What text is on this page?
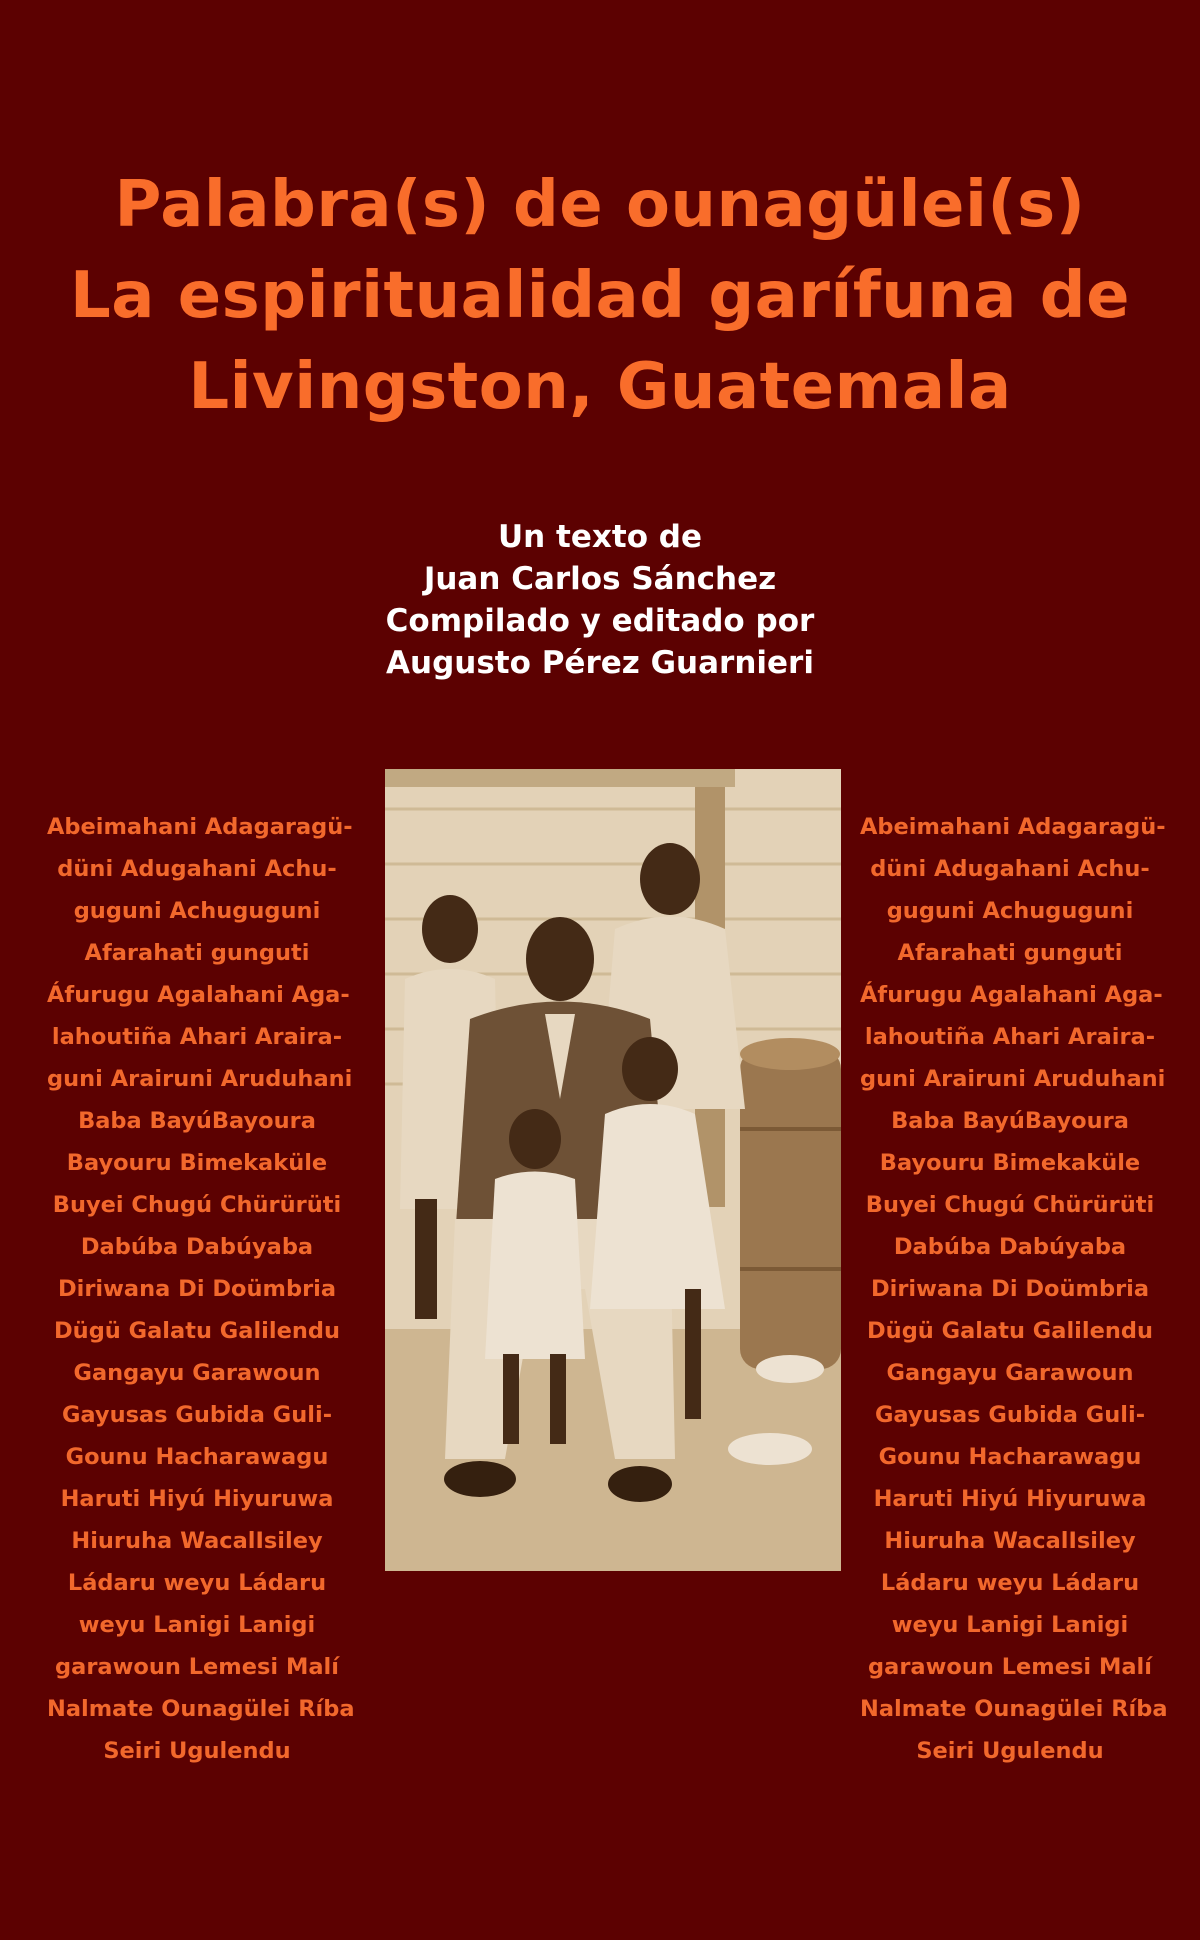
Palabra(s) de ounagülei(s)
La espiritualidad garífuna de
Livingston, Guatemala
Un texto de
Juan Carlos Sánchez
Compilado y editado por
Augusto Pérez Guarnieri
Abeimahani Adagaragü-
düni Adugahani Achu-
guguni Achuguguni
Afarahati gunguti
Áfurugu Agalahani Aga-
lahoutiña Ahari Araira-
guni Arairuni Aruduhani
Baba BayúBayoura
Bayouru Bimekaküle
Buyei Chugú Chürürüti
Dabúba Dabúyaba
Diriwana Di Doümbria
Dügü Galatu Galilendu
Gangayu Garawoun
Gayusas Gubida Guli-
Gounu Hacharawagu
Haruti Hiyú Hiyuruwa
Hiuruha WacalIsiley
Ládaru weyu Ládaru
weyu Lanigi Lanigi
garawoun Lemesi Malí
Nalmate Ounagülei Ríba
Seiri Ugulendu
Abeimahani Adagaragü-
düni Adugahani Achu-
guguni Achuguguni
Afarahati gunguti
Áfurugu Agalahani Aga-
lahoutiña Ahari Araira-
guni Arairuni Aruduhani
Baba BayúBayoura
Bayouru Bimekaküle
Buyei Chugú Chürürüti
Dabúba Dabúyaba
Diriwana Di Doümbria
Dügü Galatu Galilendu
Gangayu Garawoun
Gayusas Gubida Guli-
Gounu Hacharawagu
Haruti Hiyú Hiyuruwa
Hiuruha WacalIsiley
Ládaru weyu Ládaru
weyu Lanigi Lanigi
garawoun Lemesi Malí
Nalmate Ounagülei Ríba
Seiri Ugulendu
